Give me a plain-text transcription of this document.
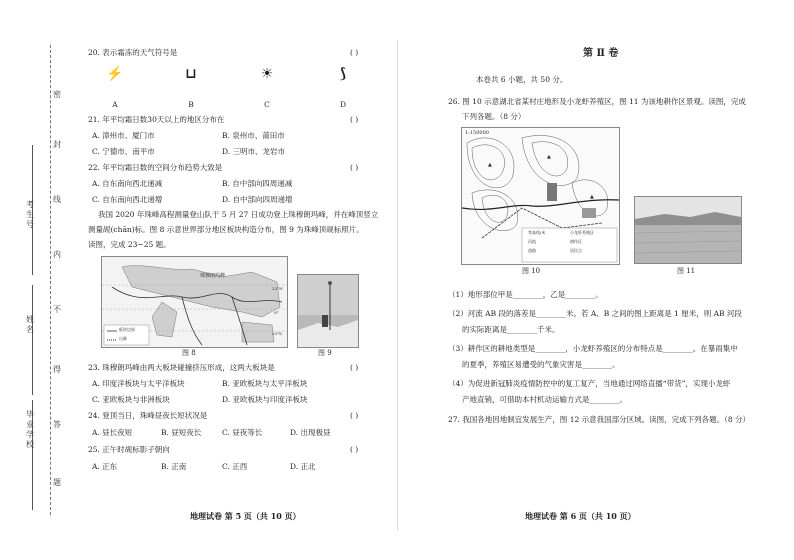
密
封
线
内
不
得
答
题
考生号
姓名
毕业学校
20. 表示霜冻的天气符号是	( )
⚡	⊔	☀	⟆
A	B	C	D
21. 年平均霜日数30天以上的地区分布在	( )
A. 漳州市、厦门市	B. 泉州市、莆田市
C. 宁德市、南平市	D. 三明市、龙岩市
22. 年平均霜日数的空间分布趋势大致是	( )
A. 自东南向西北递减	B. 自中部向四周递减
C. 自东南向西北递增	D. 自中部向四周递增
我国 2020 年珠峰高程测量登山队于 5 月 27 日成功登上珠穆朗玛峰，并在峰顶竖立
测量觇(chān)标。图 8 示意世界部分地区板块构造分布，图 9 为珠峰顶觇标照片。
读图，完成 23~25 题。
珠穆朗玛峰
23°N
0°
23°S
板块边界
山脉
图 8	图 9
23. 珠穆朗玛峰由两大板块碰撞挤压形成，这两大板块是	( )
A. 印度洋板块与太平洋板块	B. 亚欧板块与太平洋板块
C. 亚欧板块与非洲板块	D. 亚欧板块与印度洋板块
24. 登顶当日，珠峰昼夜长短状况是	( )
A. 昼长夜短	B. 昼短夜长	C. 昼夜等长	D. 出现极昼
25. 正午时觇标影子朝向	( )
A. 正东	B. 正南	C. 正西	D. 正北
地理试卷 第 5 页（共 10 页）
第 Ⅱ 卷
本卷共 6 小题，共 50 分。
26. 图 10 示意湖北省某村庄地形及小龙虾养殖区，图 11 为该地耕作区景观。读图，完成
下列各题。（8 分）
▲
▲
▲
1:150000
等高线/米
河流
道路
小龙虾养殖区
耕作区
居民点
图 10	图 11
（1）地形部位甲是________，乙是________。
（2）河流 AB 段的落差是________米。若 A、B 之间的图上距离是 1 厘米，则 AB 河段
的实际距离是________千米。
（3）耕作区的耕地类型是________，小龙虾养殖区的分布特点是________。在暴雨集中
的夏季，养殖区易遭受的气象灾害是________。
（4）为促进新冠肺炎疫情防控中的复工复产，当地通过网络直播“带货”，实现小龙虾
产地直销，可借助本村机动运输方式是________。
27. 我国各地因地制宜发展生产，图 12 示意我国部分区域。读图，完成下列各题。（8 分）
地理试卷 第 6 页（共 10 页）
